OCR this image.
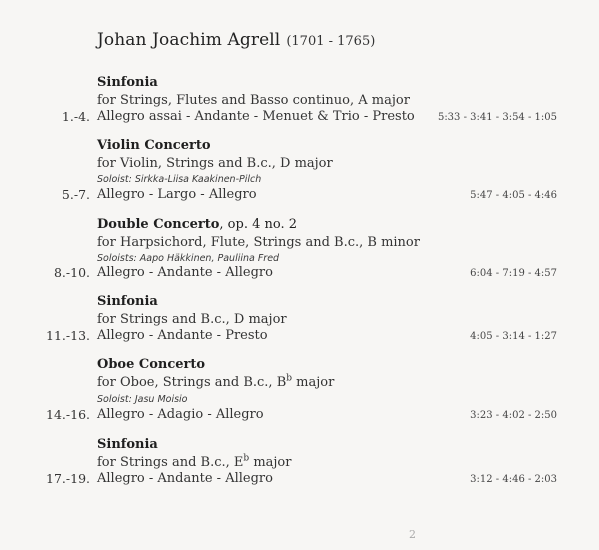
Johan Joachim Agrell (1701 - 1765)
Sinfonia
for Strings, Flutes and Basso continuo, A major
1.-4. Allegro assai - Andante - Menuet & Trio - Presto 5:33 - 3:41 - 3:54 - 1:05
Violin Concerto
for Violin, Strings and B.c., D major
Soloist: Sirkka-Liisa Kaakinen-Pilch
5.-7. Allegro - Largo - Allegro	5:47 - 4:05 - 4:46
Double Concerto, op. 4 no. 2
for Harpsichord, Flute, Strings and B.c., B minor
Soloists: Aapo Häkkinen, Pauliina Fred
8.-10. Allegro - Andante - Allegro	6:04 - 7:19 - 4:57
Sinfonia
for Strings and B.c., D major
11.-13. Allegro - Andante - Presto	4:05 - 3:14 - 1:27
Oboe Concerto
for Oboe, Strings and B.c., $B^b$ major
Soloist: Jasu Moisio
14.-16. Allegro - Adagio - Allegro	3:23 - 4:02 - 2:50
Sinfonia
for Strings and B.c., $E^b$ major
17.-19. Allegro - Andante - Allegro	3:12 - 4:46 - 2:03
2
